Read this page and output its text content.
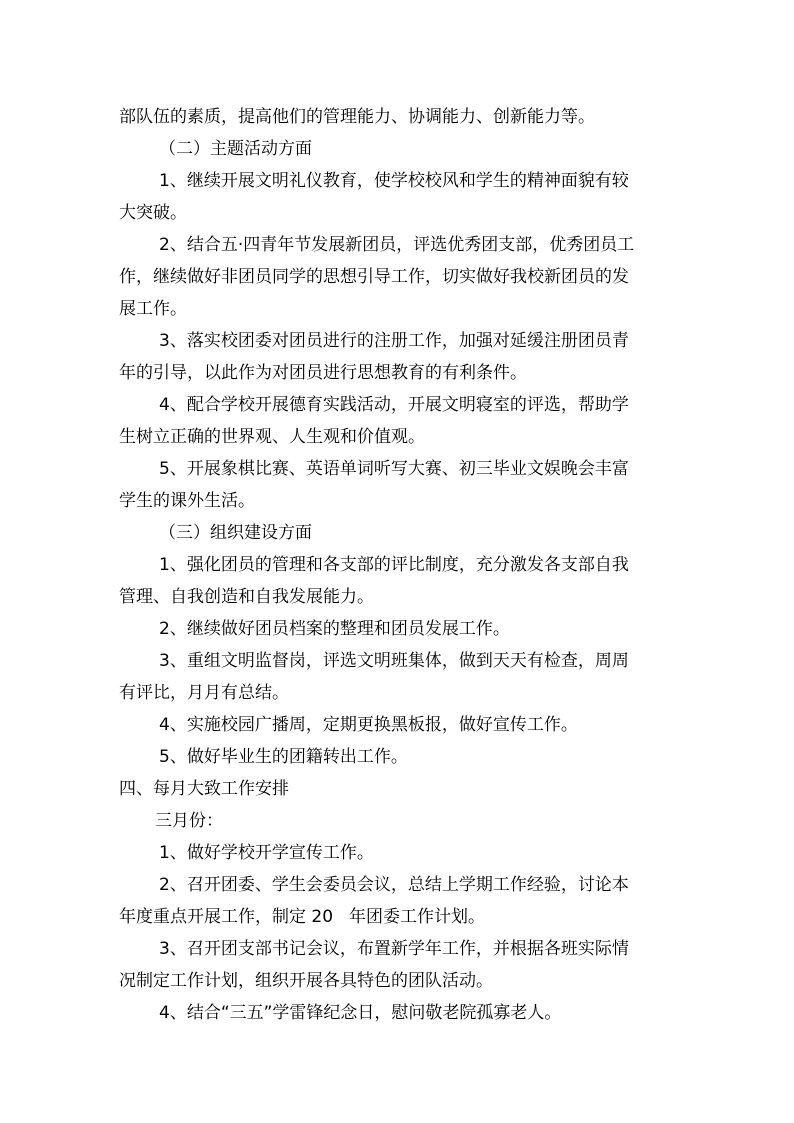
部队伍的素质，提高他们的管理能力、协调能力、创新能力等。
（二）主题活动方面
1、继续开展文明礼仪教育，使学校校风和学生的精神面貌有较
大突破。
2、结合五·四青年节发展新团员，评选优秀团支部，优秀团员工
作，继续做好非团员同学的思想引导工作，切实做好我校新团员的发
展工作。
3、落实校团委对团员进行的注册工作，加强对延缓注册团员青
年的引导，以此作为对团员进行思想教育的有利条件。
4、配合学校开展德育实践活动，开展文明寝室的评选，帮助学
生树立正确的世界观、人生观和价值观。
5、开展象棋比赛、英语单词听写大赛、初三毕业文娱晚会丰富
学生的课外生活。
（三）组织建设方面
1、强化团员的管理和各支部的评比制度，充分激发各支部自我
管理、自我创造和自我发展能力。
2、继续做好团员档案的整理和团员发展工作。
3、重组文明监督岗，评选文明班集体，做到天天有检查，周周
有评比，月月有总结。
4、实施校园广播周，定期更换黑板报，做好宣传工作。
5、做好毕业生的团籍转出工作。
四、每月大致工作安排
三月份：
1、做好学校开学宣传工作。
2、召开团委、学生会委员会议，总结上学期工作经验，讨论本
年度重点开展工作，制定 20 年团委工作计划。
3、召开团支部书记会议，布置新学年工作，并根据各班实际情
况制定工作计划，组织开展各具特色的团队活动。
4、结合“三五”学雷锋纪念日，慰问敬老院孤寡老人。
